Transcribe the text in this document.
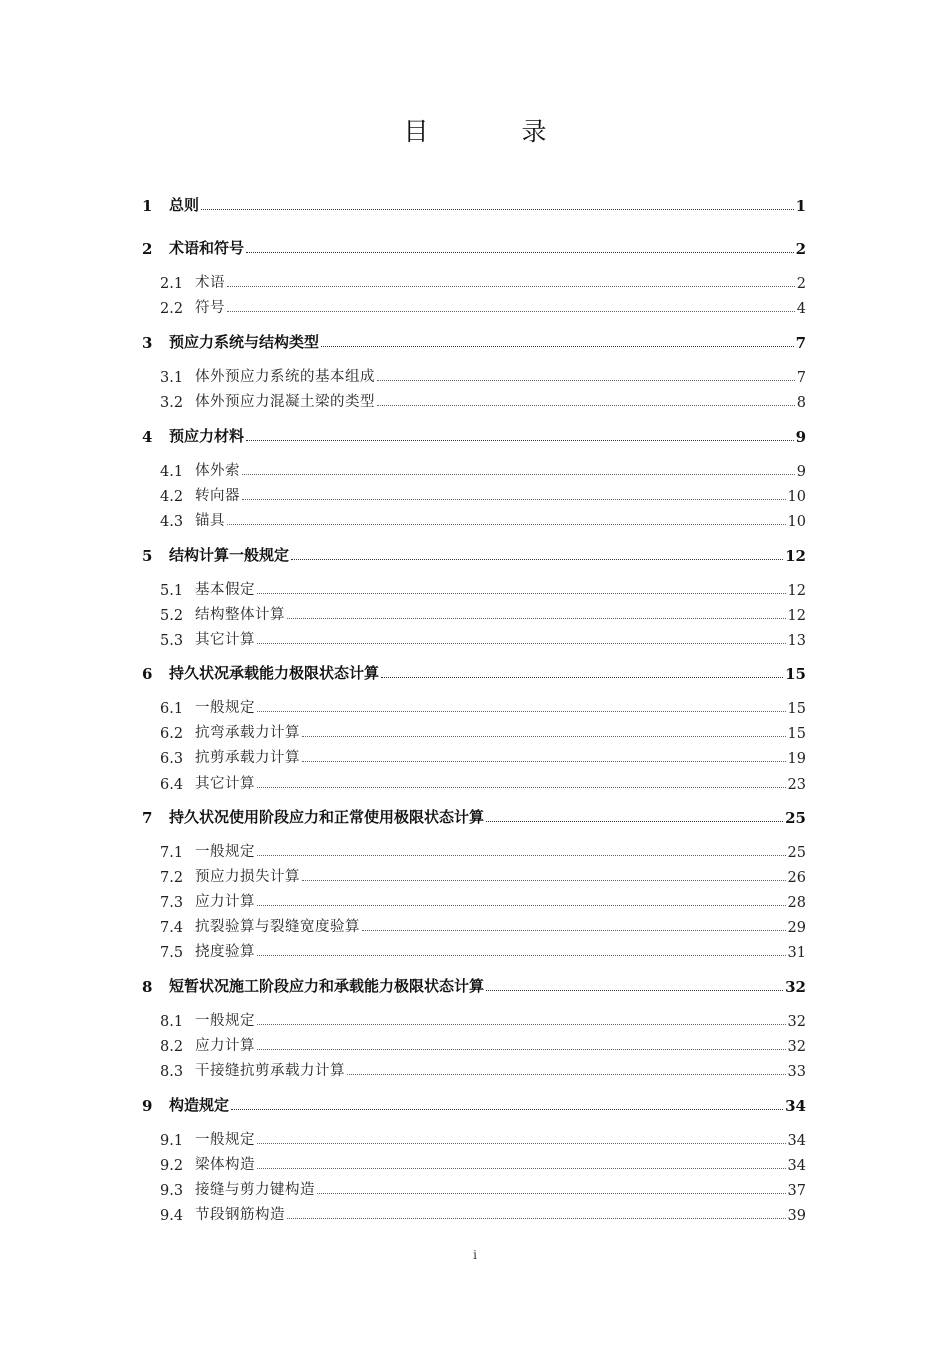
目　录
1	总则	1
2	术语和符号	2
2.1 术语	2
2.2 符号	4
3	预应力系统与结构类型	7
3.1 体外预应力系统的基本组成	7
3.2 体外预应力混凝土梁的类型	8
4	预应力材料	9
4.1 体外索	9
4.2 转向器	10
4.3 锚具	10
5	结构计算一般规定	12
5.1 基本假定	12
5.2 结构整体计算	12
5.3 其它计算	13
6	持久状况承载能力极限状态计算	15
6.1 一般规定	15
6.2 抗弯承载力计算	15
6.3 抗剪承载力计算	19
6.4 其它计算	23
7	持久状况使用阶段应力和正常使用极限状态计算	25
7.1 一般规定	25
7.2 预应力损失计算	26
7.3 应力计算	28
7.4 抗裂验算与裂缝宽度验算	29
7.5 挠度验算	31
8	短暂状况施工阶段应力和承载能力极限状态计算	32
8.1 一般规定	32
8.2 应力计算	32
8.3 干接缝抗剪承载力计算	33
9	构造规定	34
9.1 一般规定	34
9.2 梁体构造	34
9.3 接缝与剪力键构造	37
9.4 节段钢筋构造	39
i
